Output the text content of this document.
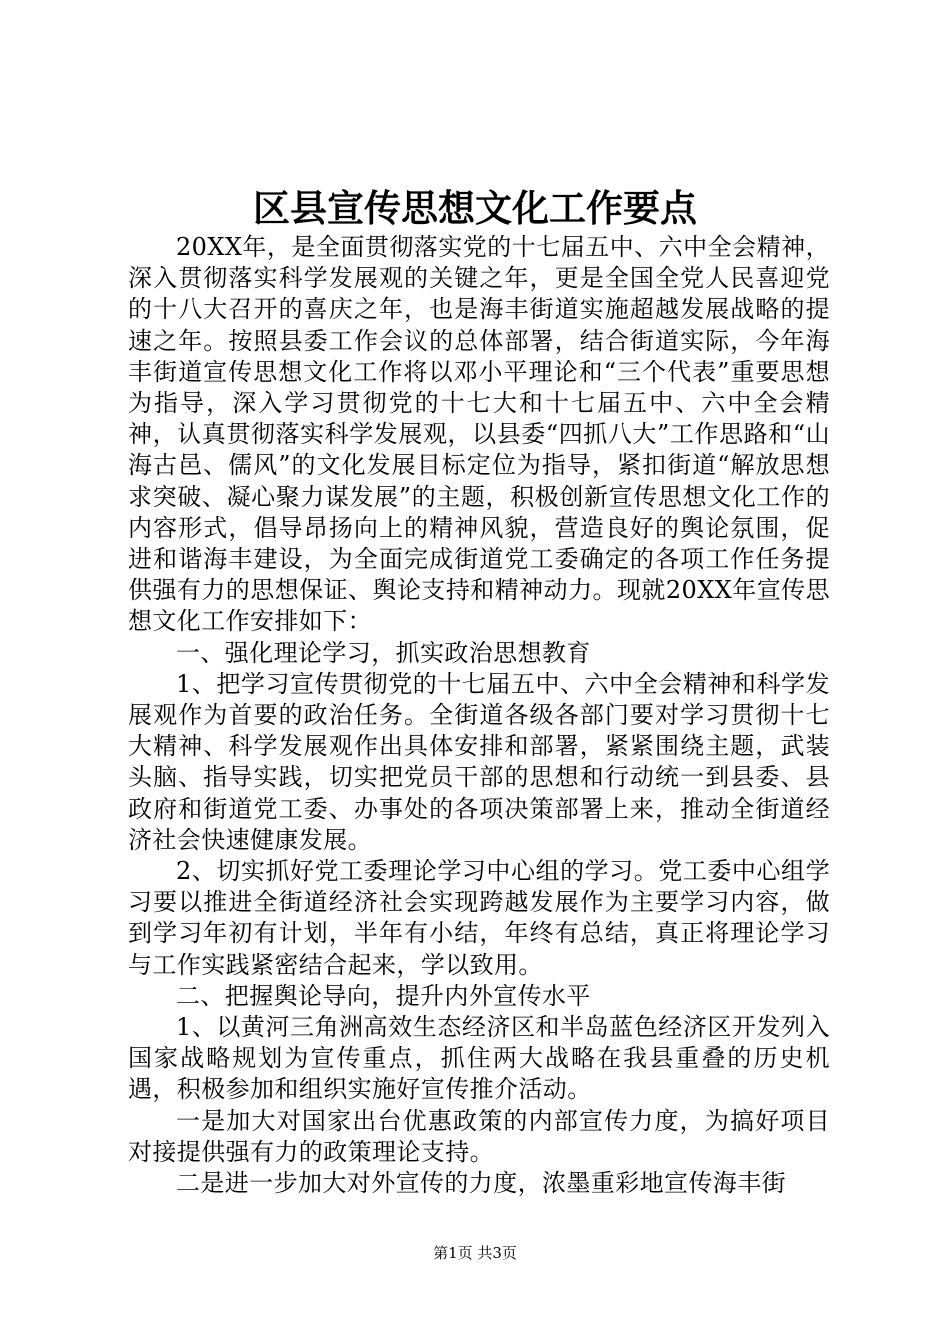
区县宣传思想文化工作要点

20XX年，是全面贯彻落实党的十七届五中、六中全会精神，深入贯彻落实科学发展观的关键之年，更是全国全党人民喜迎党的十八大召开的喜庆之年，也是海丰街道实施超越发展战略的提速之年。按照县委工作会议的总体部署，结合街道实际，今年海丰街道宣传思想文化工作将以邓小平理论和“三个代表”重要思想为指导，深入学习贯彻党的十七大和十七届五中、六中全会精神，认真贯彻落实科学发展观，以县委“四抓八大”工作思路和“山海古邑、儒风”的文化发展目标定位为指导，紧扣街道“解放思想求突破、凝心聚力谋发展”的主题，积极创新宣传思想文化工作的内容形式，倡导昂扬向上的精神风貌，营造良好的舆论氛围，促进和谐海丰建设，为全面完成街道党工委确定的各项工作任务提供强有力的思想保证、舆论支持和精神动力。现就20XX年宣传思想文化工作安排如下：

一、强化理论学习，抓实政治思想教育

1、把学习宣传贯彻党的十七届五中、六中全会精神和科学发展观作为首要的政治任务。全街道各级各部门要对学习贯彻十七大精神、科学发展观作出具体安排和部署，紧紧围绕主题，武装头脑、指导实践，切实把党员干部的思想和行动统一到县委、县政府和街道党工委、办事处的各项决策部署上来，推动全街道经济社会快速健康发展。

2、切实抓好党工委理论学习中心组的学习。党工委中心组学习要以推进全街道经济社会实现跨越发展作为主要学习内容，做到学习年初有计划，半年有小结，年终有总结，真正将理论学习与工作实践紧密结合起来，学以致用。

二、把握舆论导向，提升内外宣传水平

1、以黄河三角洲高效生态经济区和半岛蓝色经济区开发列入国家战略规划为宣传重点，抓住两大战略在我县重叠的历史机遇，积极参加和组织实施好宣传推介活动。

一是加大对国家出台优惠政策的内部宣传力度，为搞好项目对接提供强有力的政策理论支持。

二是进一步加大对外宣传的力度，浓墨重彩地宣传海丰街

第1页 共3页
